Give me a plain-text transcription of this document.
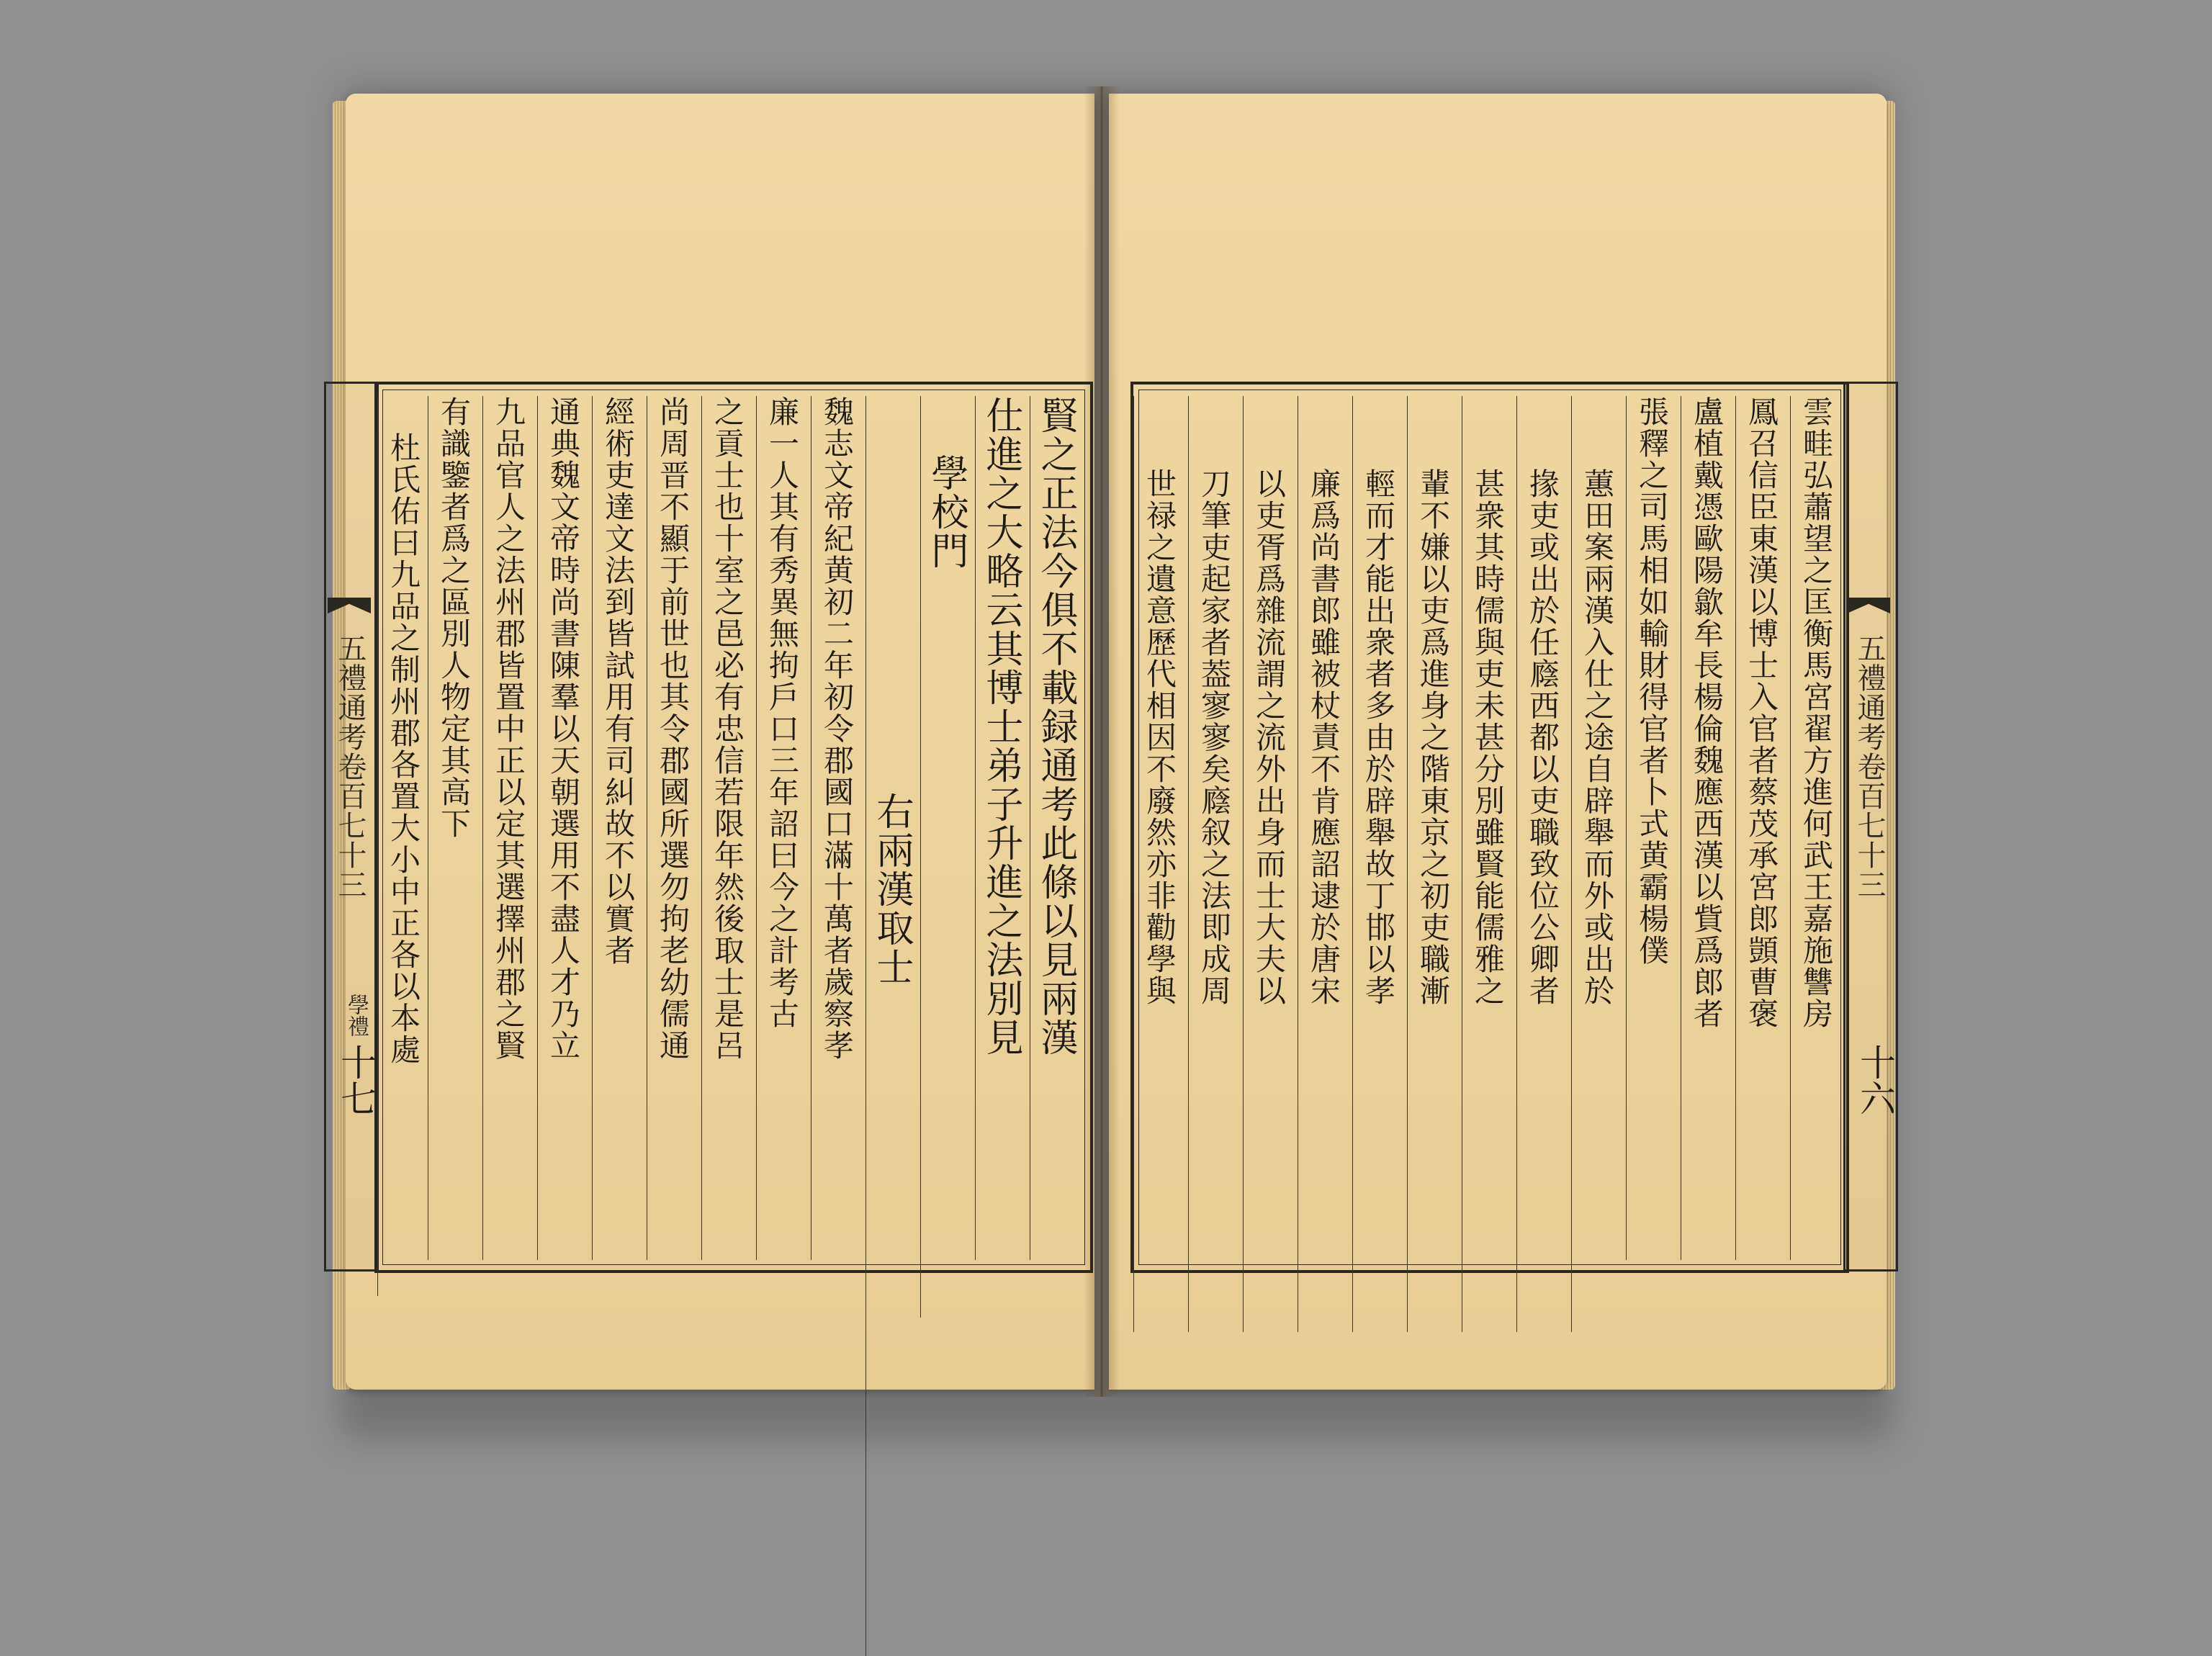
五禮通考卷百七十三
學禮
十七
賢之正法今俱不載録通考此條以見兩漢
仕進之大略云其博士弟子升進之法別見
學校門
右兩漢取士
魏志文帝紀黄初二年初令郡國口滿十萬者歲察孝
廉一人其有秀異無拘戶口三年詔曰今之計考古
之貢士也十室之邑必有忠信若限年然後取士是呂
尚周晋不顯于前世也其令郡國所選勿拘老幼儒通
經術吏達文法到皆試用有司糾故不以實者
通典魏文帝時尚書陳羣以天朝選用不盡人才乃立
九品官人之法州郡皆置中正以定其選擇州郡之賢
有識鑒者爲之區別人物定其高下
杜氏佑曰九品之制州郡各置大小中正各以本處	五禮通考卷百七十三
十六
雲畦弘蕭望之匡衡馬宮翟方進何武王嘉施讐房
鳳召信臣東漢以博士入官者蔡茂承宮郎顗曹褒
盧植戴憑歐陽歙牟長楊倫魏應西漢以貲爲郎者
張釋之司馬相如輸財得官者卜式黄霸楊僕
蕙田案兩漢入仕之途自辟舉而外或出於
掾吏或出於任廕西都以吏職致位公卿者
甚衆其時儒與吏未甚分別雖賢能儒雅之
輩不嫌以吏爲進身之階東京之初吏職漸
輕而才能出衆者多由於辟舉故丁邯以孝
廉爲尚書郎雖被杖責不肯應詔逮於唐宋
以吏胥爲雜流謂之流外出身而士大夫以
刀筆吏起家者葢寥寥矣廕叙之法即成周
世禄之遺意歷代相因不廢然亦非勸學與
